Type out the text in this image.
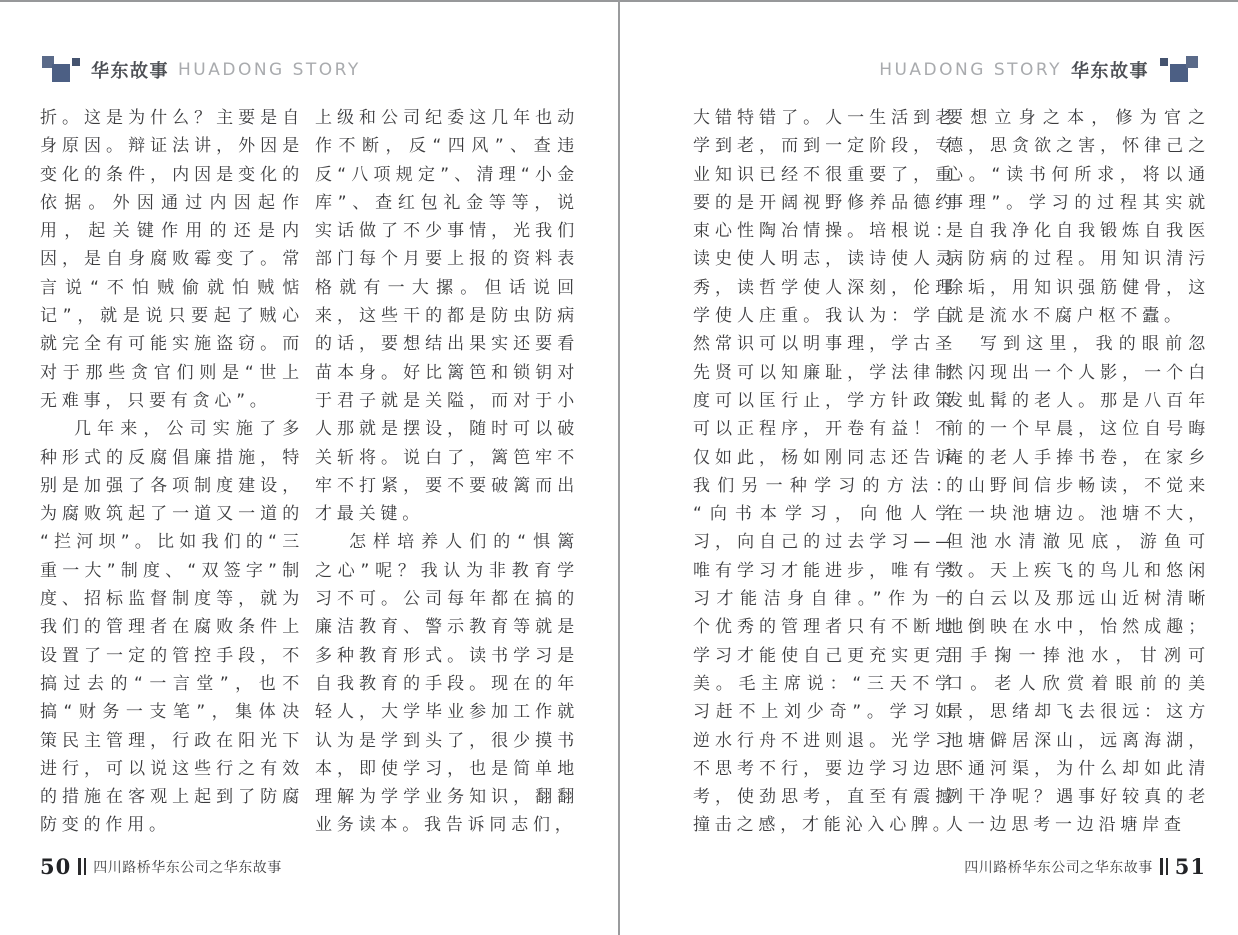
华东故事 HUADONG STORY

折。这是为什么？主要是自身原因。辩证法讲，外因是变化的条件，内因是变化的依据。外因通过内因起作用，起关键作用的还是内因，是自身腐败霉变了。常言说“不怕贼偷就怕贼惦记”，就是说只要起了贼心就完全有可能实施盗窃。而对于那些贪官们则是“世上无难事，只要有贪心”。

几年来，公司实施了多种形式的反腐倡廉措施，特别是加强了各项制度建设，为腐败筑起了一道又一道的“拦河坝”。比如我们的“三重一大”制度、“双签字”制度、招标监督制度等，就为我们的管理者在腐败条件上设置了一定的管控手段，不搞过去的“一言堂”，也不搞“财务一支笔”，集体决策民主管理，行政在阳光下进行，可以说这些行之有效的措施在客观上起到了防腐防变的作用。

上级和公司纪委这几年也动作不断，反“四风”、查违反“八项规定”、清理“小金库”、查红包礼金等等，说实话做了不少事情，光我们部门每个月要上报的资料表格就有一大摞。但话说回来，这些干的都是防虫防病的话，要想结出果实还要看苗本身。好比篱笆和锁钥对于君子就是关隘，而对于小人那就是摆设，随时可以破关斩将。说白了，篱笆牢不牢不打紧，要不要破篱而出才最关键。

怎样培养人们的“惧篱之心”呢？我认为非教育学习不可。公司每年都在搞的廉洁教育、警示教育等就是多种教育形式。读书学习是自我教育的手段。现在的年轻人，大学毕业参加工作就认为是学到头了，很少摸书本，即使学习，也是简单地理解为学学业务知识，翻翻业务读本。我告诉同志们，

50 四川路桥华东公司之华东故事
HUADONG STORY 华东故事

大错特错了。人一生活到老学到老，而到一定阶段，专业知识已经不很重要了，重要的是开阔视野修养品德约束心性陶冶情操。培根说：读史使人明志，读诗使人灵秀，读哲学使人深刻，伦理学使人庄重。我认为：学自然常识可以明事理，学古圣先贤可以知廉耻，学法律制度可以匡行止，学方针政策可以正程序，开卷有益！不仅如此，杨如刚同志还告诉我们另一种学习的方法：“向书本学习，向他人学习，向自己的过去学习——唯有学习才能进步，唯有学习才能洁身自律。”作为一个优秀的管理者只有不断地学习才能使自己更充实更完美。毛主席说：“三天不学习赶不上刘少奇”。学习如逆水行舟不进则退。光学习不思考不行，要边学习边思考，使劲思考，直至有震撼撞击之感，才能沁入心脾。

要想立身之本，修为官之德，思贪欲之害，怀律己之心。“读书何所求，将以通事理”。学习的过程其实就是自我净化自我锻炼自我医病防病的过程。用知识清污除垢，用知识强筋健骨，这就是流水不腐户枢不蠹。

写到这里，我的眼前忽然闪现出一个人影，一个白发虬髯的老人。那是八百年前的一个早晨，这位自号晦庵的老人手捧书卷，在家乡的山野间信步畅读，不觉来在一块池塘边。池塘不大，但池水清澈见底，游鱼可数。天上疾飞的鸟儿和悠闲的白云以及那远山近树清晰地倒映在水中，怡然成趣；用手掬一捧池水，甘冽可口。老人欣赏着眼前的美景，思绪却飞去很远：这方池塘僻居深山，远离海湖，不通河渠，为什么却如此清冽干净呢？遇事好较真的老人一边思考一边沿塘岸查

四川路桥华东公司之华东故事 51
